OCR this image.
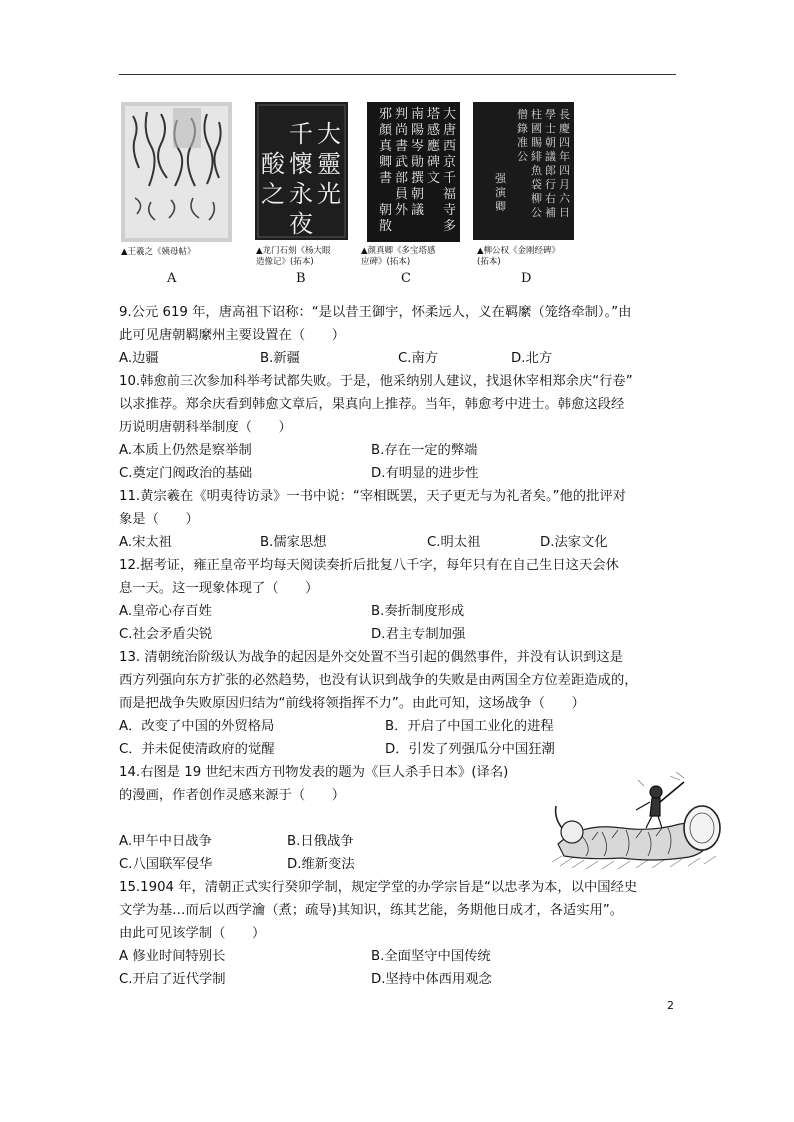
▲王羲之《姨母帖》
A
大
靈
光
千
懷
永
酸
之
夜
▲龙门石刻《杨大眼
造像记》(拓本)
B
大
唐
西
京
千
福
寺
多
塔
感
應
碑
文
南
陽
岑
勛
撰
朝
議
判
尚
書
武
部
員
外
邪
顏
真
卿
書
朝
散
▲颜真卿《多宝塔感
应碑》(拓本)
C
長
慶
四
年
四
月
六
日
學
士
朝
議
郎
行
右
補
柱
國
賜
緋
魚
袋
柳
公
僧
錄
准
公
强
演
卿
▲柳公权《金刚经碑》
(拓本)
D
9.公元 619 年，唐高祖下诏称：“是以昔王御宇，怀柔远人，义在羁縻（笼络牵制）。”由
此可见唐朝羁縻州主要设置在（　　）
A.边疆	B.新疆	C.南方	D.北方
10.韩愈前三次参加科举考试都失败。于是，他采纳别人建议，找退休宰相郑余庆“行卷”
以求推荐。郑余庆看到韩愈文章后，果真向上推荐。当年，韩愈考中进士。韩愈这段经
历说明唐朝科举制度（　　）
A.本质上仍然是察举制	B.存在一定的弊端
C.奠定门阀政治的基础	D.有明显的进步性
11.黄宗羲在《明夷待访录》一书中说：“宰相既罢，天子更无与为礼者矣。”他的批评对
象是（　　）
A.宋太祖	B.儒家思想	C.明太祖	D.法家文化
12.据考证，雍正皇帝平均每天阅读奏折后批复八千字，每年只有在自己生日这天会休
息一天。这一现象体现了（　　）
A.皇帝心存百姓	B.奏折制度形成
C.社会矛盾尖锐	D.君主专制加强
13. 清朝统治阶级认为战争的起因是外交处置不当引起的偶然事件，并没有认识到这是
西方列强向东方扩张的必然趋势，也没有认识到战争的失败是由两国全方位差距造成的，
而是把战争失败原因归结为“前线将领指挥不力”。由此可知，这场战争（　　）
A．改变了中国的外贸格局	B．开启了中国工业化的进程
C．并未促使清政府的觉醒	D．引发了列强瓜分中国狂潮
14.右图是 19 世纪末西方刊物发表的题为《巨人杀手日本》(译名)
的漫画，作者创作灵感来源于（　　）
A.甲午中日战争	B.日俄战争
C.八国联军侵华	D.维新变法
15.1904 年，清朝正式实行癸卯学制，规定学堂的办学宗旨是“以忠孝为本，以中国经史
文学为基…而后以西学瀹（煮；疏导)其知识，练其艺能，务期他日成才，各适实用”。
由此可见该学制（　　）
A 修业时间特别长	B.全面坚守中国传统
C.开启了近代学制	D.坚持中体西用观念
2
